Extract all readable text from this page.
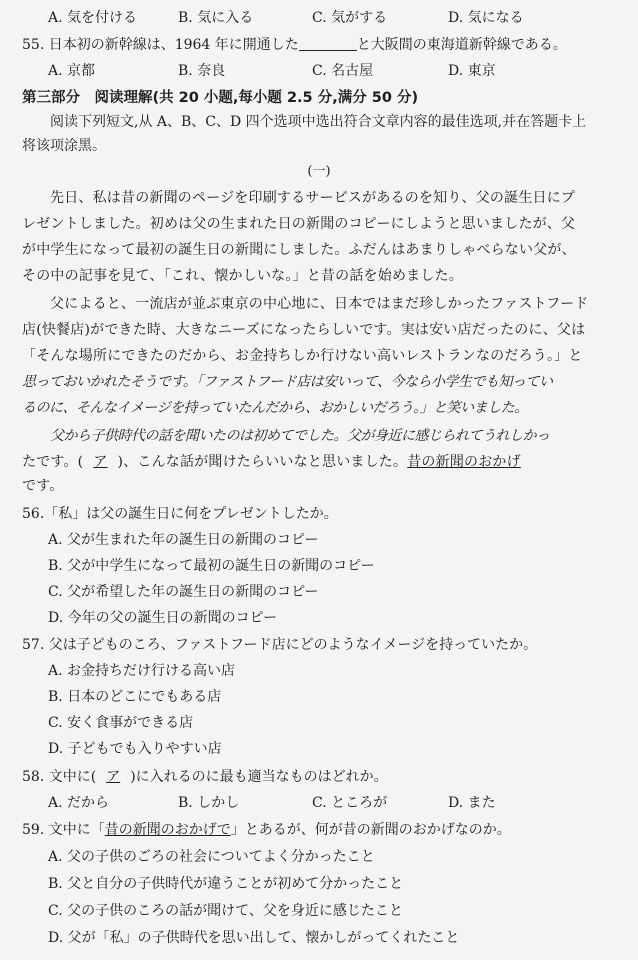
A. 気を付ける	B. 気に入る	C. 気がする	D. 気になる
55. 日本初の新幹線は、1964 年に開通した	と大阪間の東海道新幹線である。
A. 京都	B. 奈良	C. 名古屋	D. 東京
第三部分　阅读理解(共 20 小题,每小题 2.5 分,满分 50 分)
阅读下列短文,从 A、B、C、D 四个选项中选出符合文章内容的最佳选项,并在答题卡上
将该项涂黑。
(一)
先日、私は昔の新聞のページを印刷するサービスがあるのを知り、父の誕生日にプ
レゼントしました。初めは父の生まれた日の新聞のコピーにしようと思いましたが、父
が中学生になって最初の誕生日の新聞にしました。ふだんはあまりしゃべらない父が、
その中の記事を見て、「これ、懐かしいな。」と昔の話を始めました。
父によると、一流店が並ぶ東京の中心地に、日本ではまだ珍しかったファストフード
店(快餐店)ができた時、大きなニーズになったらしいです。実は安い店だったのに、父は
「そんな場所にできたのだから、お金持ちしか行けない高いレストランなのだろう。」と
思っておいかれたそうです。「ファストフード店は安いって、今なら小学生でも知ってい
るのに、そんなイメージを持っていたんだから、おかしいだろう。」と笑いました。
父から子供時代の話を聞いたのは初めてでした。父が身近に感じられてうれしかっ
たです。( ア )、こんな話が聞けたらいいなと思いました。昔の新聞のおかげ
です。
56.「私」は父の誕生日に何をプレゼントしたか。
A. 父が生まれた年の誕生日の新聞のコピー
B. 父が中学生になって最初の誕生日の新聞のコピー
C. 父が希望した年の誕生日の新聞のコピー
D. 今年の父の誕生日の新聞のコピー
57. 父は子どものころ、ファストフード店にどのようなイメージを持っていたか。
A. お金持ちだけ行ける高い店
B. 日本のどこにでもある店
C. 安く食事ができる店
D. 子どもでも入りやすい店
58. 文中に( ア )に入れるのに最も適当なものはどれか。
A. だから	B. しかし	C. ところが	D. また
59. 文中に「昔の新聞のおかげで」とあるが、何が昔の新聞のおかげなのか。
A. 父の子供のごろの社会についてよく分かったこと
B. 父と自分の子供時代が違うことが初めて分かったこと
C. 父の子供のころの話が聞けて、父を身近に感じたこと
D. 父が「私」の子供時代を思い出して、懐かしがってくれたこと
